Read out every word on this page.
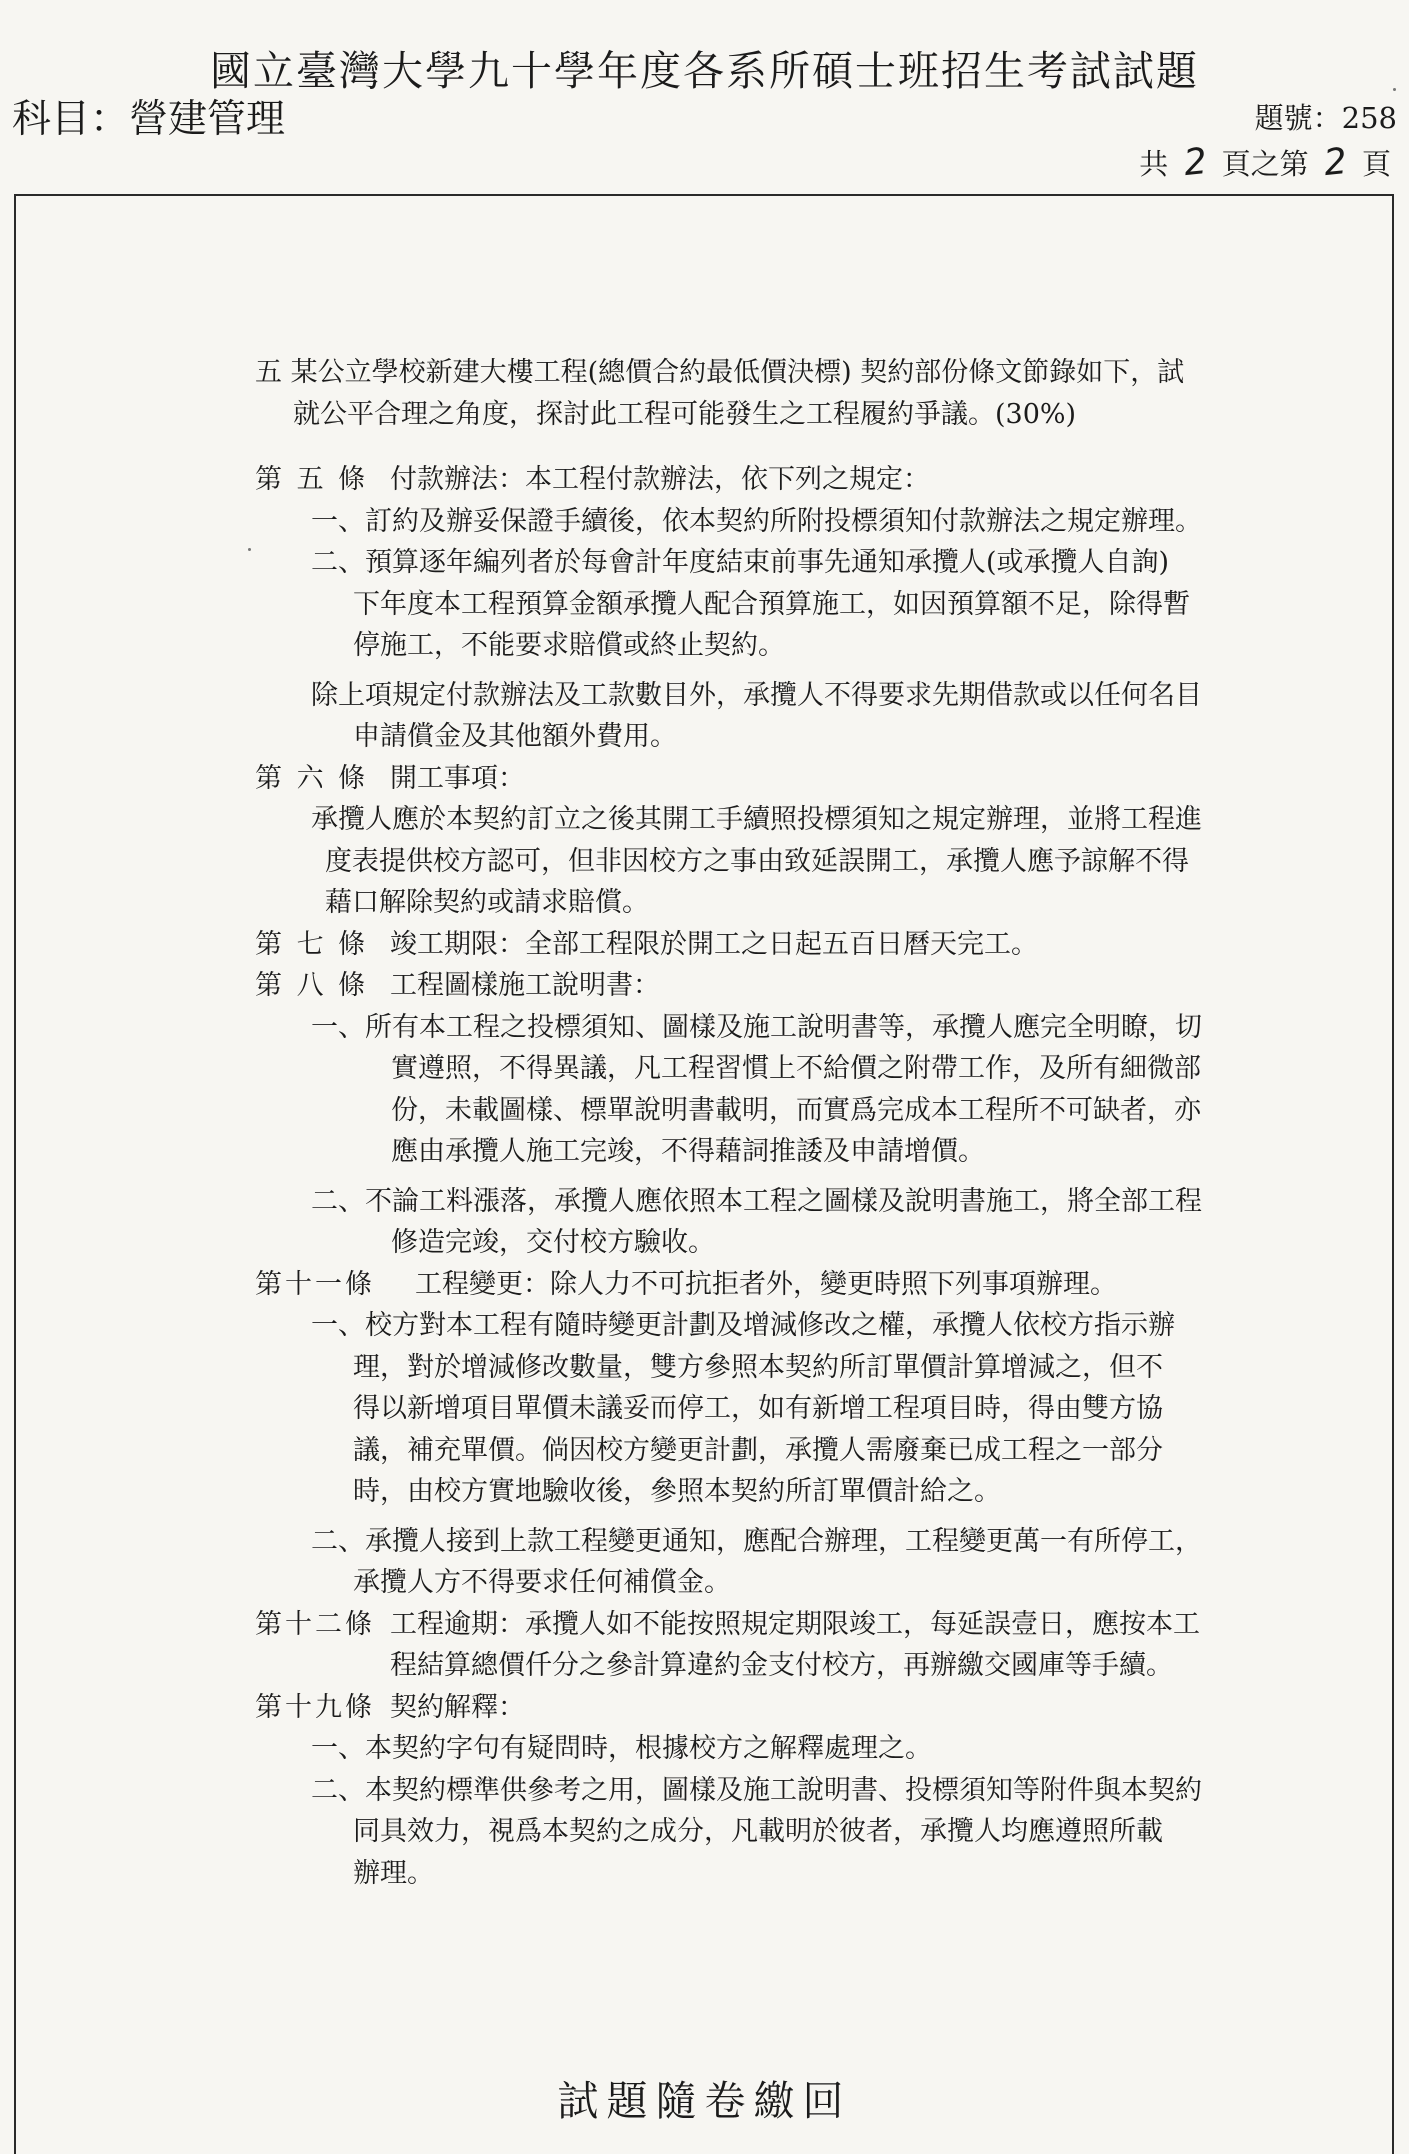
國立臺灣大學九十學年度各系所碩士班招生考試試題
科目：營建管理	題號：258
共 2 頁之第 2 頁
五 某公立學校新建大樓工程(總價合約最低價決標) 契約部份條文節錄如下，試
就公平合理之角度，探討此工程可能發生之工程履約爭議。(30%)
第 五 條 付款辦法：本工程付款辦法，依下列之規定：
一、訂約及辦妥保證手續後，依本契約所附投標須知付款辦法之規定辦理。
二、預算逐年編列者於每會計年度結束前事先通知承攬人(或承攬人自詢)
下年度本工程預算金額承攬人配合預算施工，如因預算額不足，除得暫
停施工，不能要求賠償或終止契約。
除上項規定付款辦法及工款數目外，承攬人不得要求先期借款或以任何名目
申請償金及其他額外費用。
第 六 條 開工事項：
承攬人應於本契約訂立之後其開工手續照投標須知之規定辦理，並將工程進
度表提供校方認可，但非因校方之事由致延誤開工，承攬人應予諒解不得
藉口解除契約或請求賠償。
第 七 條 竣工期限：全部工程限於開工之日起五百日曆天完工。
第 八 條 工程圖樣施工說明書：
一、所有本工程之投標須知、圖樣及施工說明書等，承攬人應完全明瞭，切
實遵照，不得異議，凡工程習慣上不給價之附帶工作，及所有細微部
份，未載圖樣、標單說明書載明，而實爲完成本工程所不可缺者，亦
應由承攬人施工完竣，不得藉詞推諉及申請增價。
二、不論工料漲落，承攬人應依照本工程之圖樣及說明書施工，將全部工程
修造完竣，交付校方驗收。
第十一條 工程變更：除人力不可抗拒者外，變更時照下列事項辦理。
一、校方對本工程有隨時變更計劃及增減修改之權，承攬人依校方指示辦
理，對於增減修改數量，雙方參照本契約所訂單價計算增減之，但不
得以新增項目單價未議妥而停工，如有新增工程項目時，得由雙方協
議，補充單價。倘因校方變更計劃，承攬人需廢棄已成工程之一部分
時，由校方實地驗收後，參照本契約所訂單價計給之。
二、承攬人接到上款工程變更通知，應配合辦理，工程變更萬一有所停工，
承攬人方不得要求任何補償金。
第十二條 工程逾期：承攬人如不能按照規定期限竣工，每延誤壹日，應按本工
程結算總價仟分之參計算違約金支付校方，再辦繳交國庫等手續。
第十九條 契約解釋：
一、本契約字句有疑問時，根據校方之解釋處理之。
二、本契約標準供參考之用，圖樣及施工說明書、投標須知等附件與本契約
同具效力，視爲本契約之成分，凡載明於彼者，承攬人均應遵照所載
辦理。
試題隨卷繳回
